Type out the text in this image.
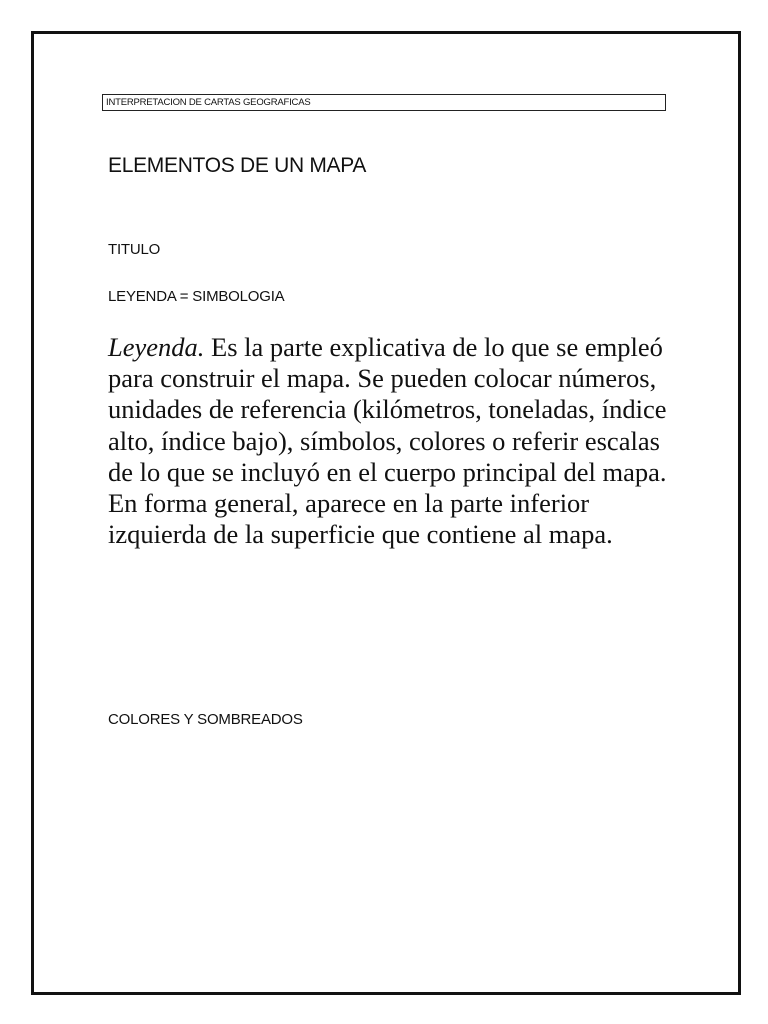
INTERPRETACION DE CARTAS GEOGRAFICAS
ELEMENTOS DE UN MAPA
TITULO
LEYENDA = SIMBOLOGIA

Leyenda. Es la parte explicativa de lo que se empleó para construir el mapa. Se pueden colocar números, unidades de referencia (kilómetros, toneladas, índice alto, índice bajo), símbolos, colores o referir escalas de lo que se incluyó en el cuerpo principal del mapa. En forma general, aparece en la parte inferior izquierda de la superficie que contiene al mapa.

COLORES Y SOMBREADOS
